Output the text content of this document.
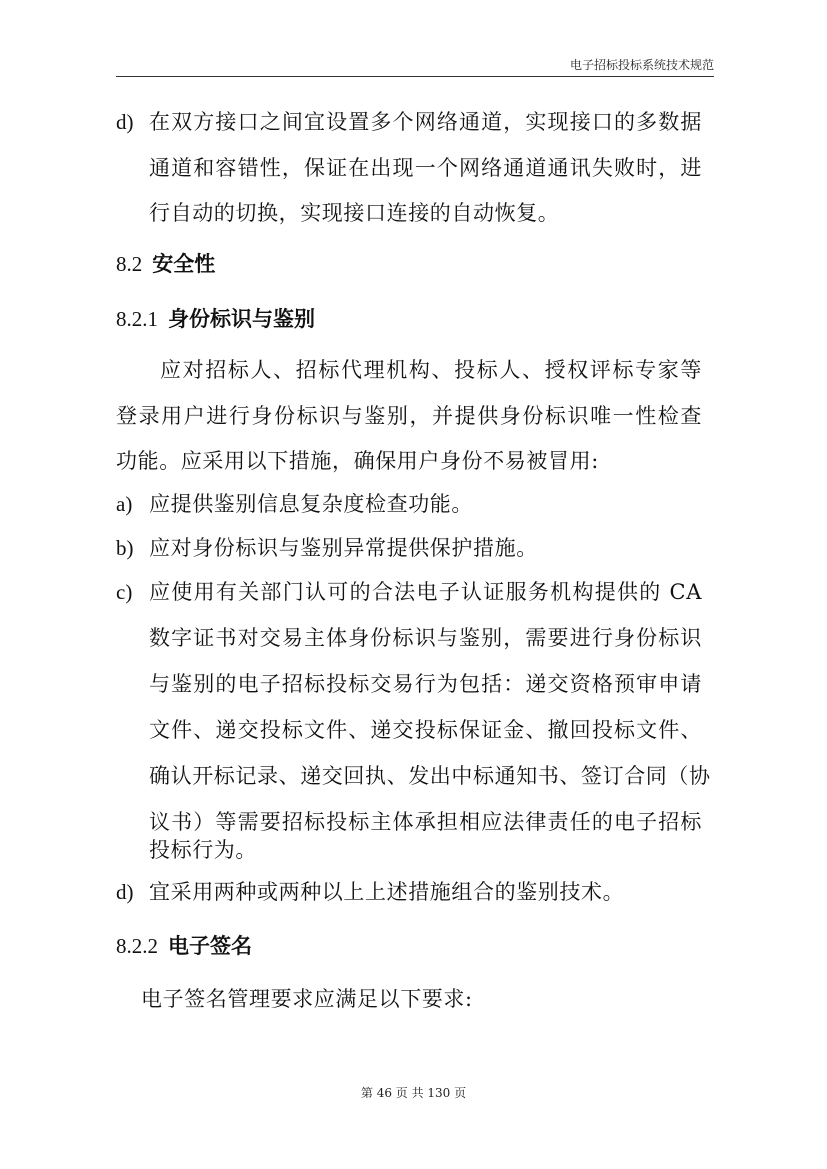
电子招标投标系统技术规范
d) 在双方接口之间宜设置多个网络通道，实现接口的多数据
通道和容错性，保证在出现一个网络通道通讯失败时，进
行自动的切换，实现接口连接的自动恢复。
8.2 安全性
8.2.1 身份标识与鉴别
应对招标人、招标代理机构、投标人、授权评标专家等
登录用户进行身份标识与鉴别，并提供身份标识唯一性检查
功能。应采用以下措施，确保用户身份不易被冒用:
a) 应提供鉴别信息复杂度检查功能。
b) 应对身份标识与鉴别异常提供保护措施。
c) 应使用有关部门认可的合法电子认证服务机构提供的 CA
数字证书对交易主体身份标识与鉴别，需要进行身份标识
与鉴别的电子招标投标交易行为包括：递交资格预审申请
文件、递交投标文件、递交投标保证金、撤回投标文件、
确认开标记录、递交回执、发出中标通知书、签订合同（协
议书）等需要招标投标主体承担相应法律责任的电子招标
投标行为。
d) 宜采用两种或两种以上上述措施组合的鉴别技术。
8.2.2 电子签名
电子签名管理要求应满足以下要求:
第 46 页 共 130 页
